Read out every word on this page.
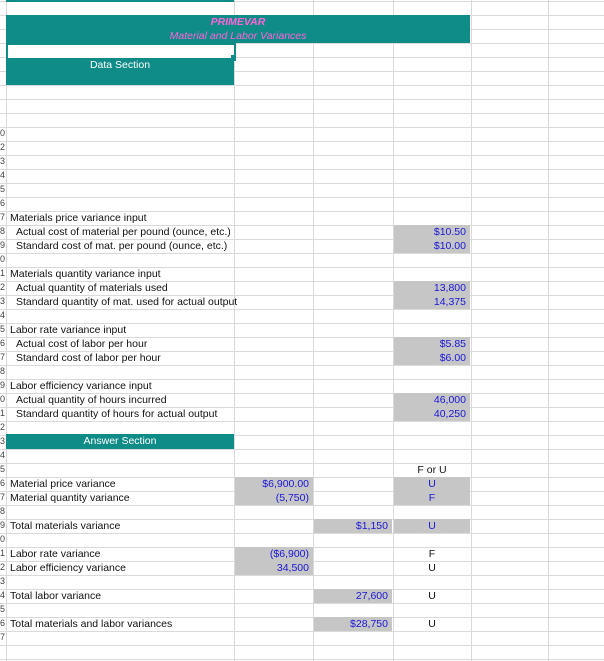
0
2
3
4
5
6
7
8
9
0
1
2
3
4
5
6
7
8
9
0
1
2
3
4
5
6
7
8
9
0
1
2
3
4
5
6
7
PRIMEVAR
Material and Labor Variances
Data Section
Materials price variance input
Actual cost of material per pound (ounce, etc.)
Standard cost of mat. per pound (ounce, etc.)
Materials quantity variance input
Actual quantity of materials used
Standard quantity of mat. used for actual output
Labor rate variance input
Actual cost of labor per hour
Standard cost of labor per hour
Labor efficiency variance input
Actual quantity of hours incurred
Standard quantity of hours for actual output
$10.50
$10.00
13,800
14,375
$5.85
$6.00
46,000
40,250
Answer Section
F or U
Material price variance
Material quantity variance
Total materials variance
Labor rate variance
Labor efficiency variance
Total labor variance
Total materials and labor variances
$6,900.00
(5,750)
$1,150
($6,900)
34,500
27,600
$28,750
U
F
U
F
U
U
U
